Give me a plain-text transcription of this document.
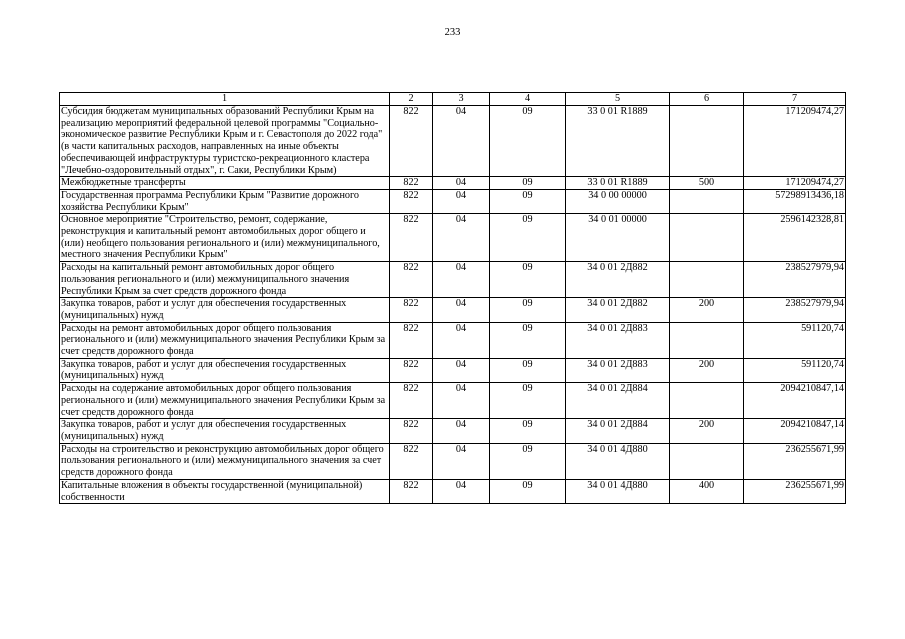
233
1	2	3	4	5	6	7
Субсидия бюджетам муниципальных образований Республики Крым на реализацию мероприятий федеральной целевой программы "Социально-экономическое развитие Республики Крым и г. Севастополя до 2022 года" (в части капитальных расходов, направленных на иные объекты обеспечивающей инфраструктуры туристско-рекреационного кластера "Лечебно-оздоровительный отдых", г. Саки, Республики Крым)	822	04	09	33 0 01 R1889		171209474,27
Межбюджетные трансферты	822	04	09	33 0 01 R1889	500	171209474,27
Государственная программа Республики Крым "Развитие дорожного хозяйства Республики Крым"	822	04	09	34 0 00 00000		57298913436,18
Основное мероприятие "Строительство, ремонт, содержание, реконструкция и капитальный ремонт автомобильных дорог общего и (или) необщего пользования регионального и (или) межмуниципального, местного значения Республики Крым"	822	04	09	34 0 01 00000		2596142328,81
Расходы на капитальный ремонт автомобильных дорог общего пользования регионального и (или) межмуниципального значения Республики Крым за счет средств дорожного фонда	822	04	09	34 0 01 2Д882		238527979,94
Закупка товаров, работ и услуг для обеспечения государственных (муниципальных) нужд	822	04	09	34 0 01 2Д882	200	238527979,94
Расходы на ремонт автомобильных дорог общего пользования регионального и (или) межмуниципального значения Республики Крым за счет средств дорожного фонда	822	04	09	34 0 01 2Д883		591120,74
Закупка товаров, работ и услуг для обеспечения государственных (муниципальных) нужд	822	04	09	34 0 01 2Д883	200	591120,74
Расходы на содержание автомобильных дорог общего пользования регионального и (или) межмуниципального значения Республики Крым за счет средств дорожного фонда	822	04	09	34 0 01 2Д884		2094210847,14
Закупка товаров, работ и услуг для обеспечения государственных (муниципальных) нужд	822	04	09	34 0 01 2Д884	200	2094210847,14
Расходы на строительство и реконструкцию автомобильных дорог общего пользования регионального и (или) межмуниципального значения за счет средств дорожного фонда	822	04	09	34 0 01 4Д880		236255671,99
Капитальные вложения в объекты государственной (муниципальной) собственности	822	04	09	34 0 01 4Д880	400	236255671,99
